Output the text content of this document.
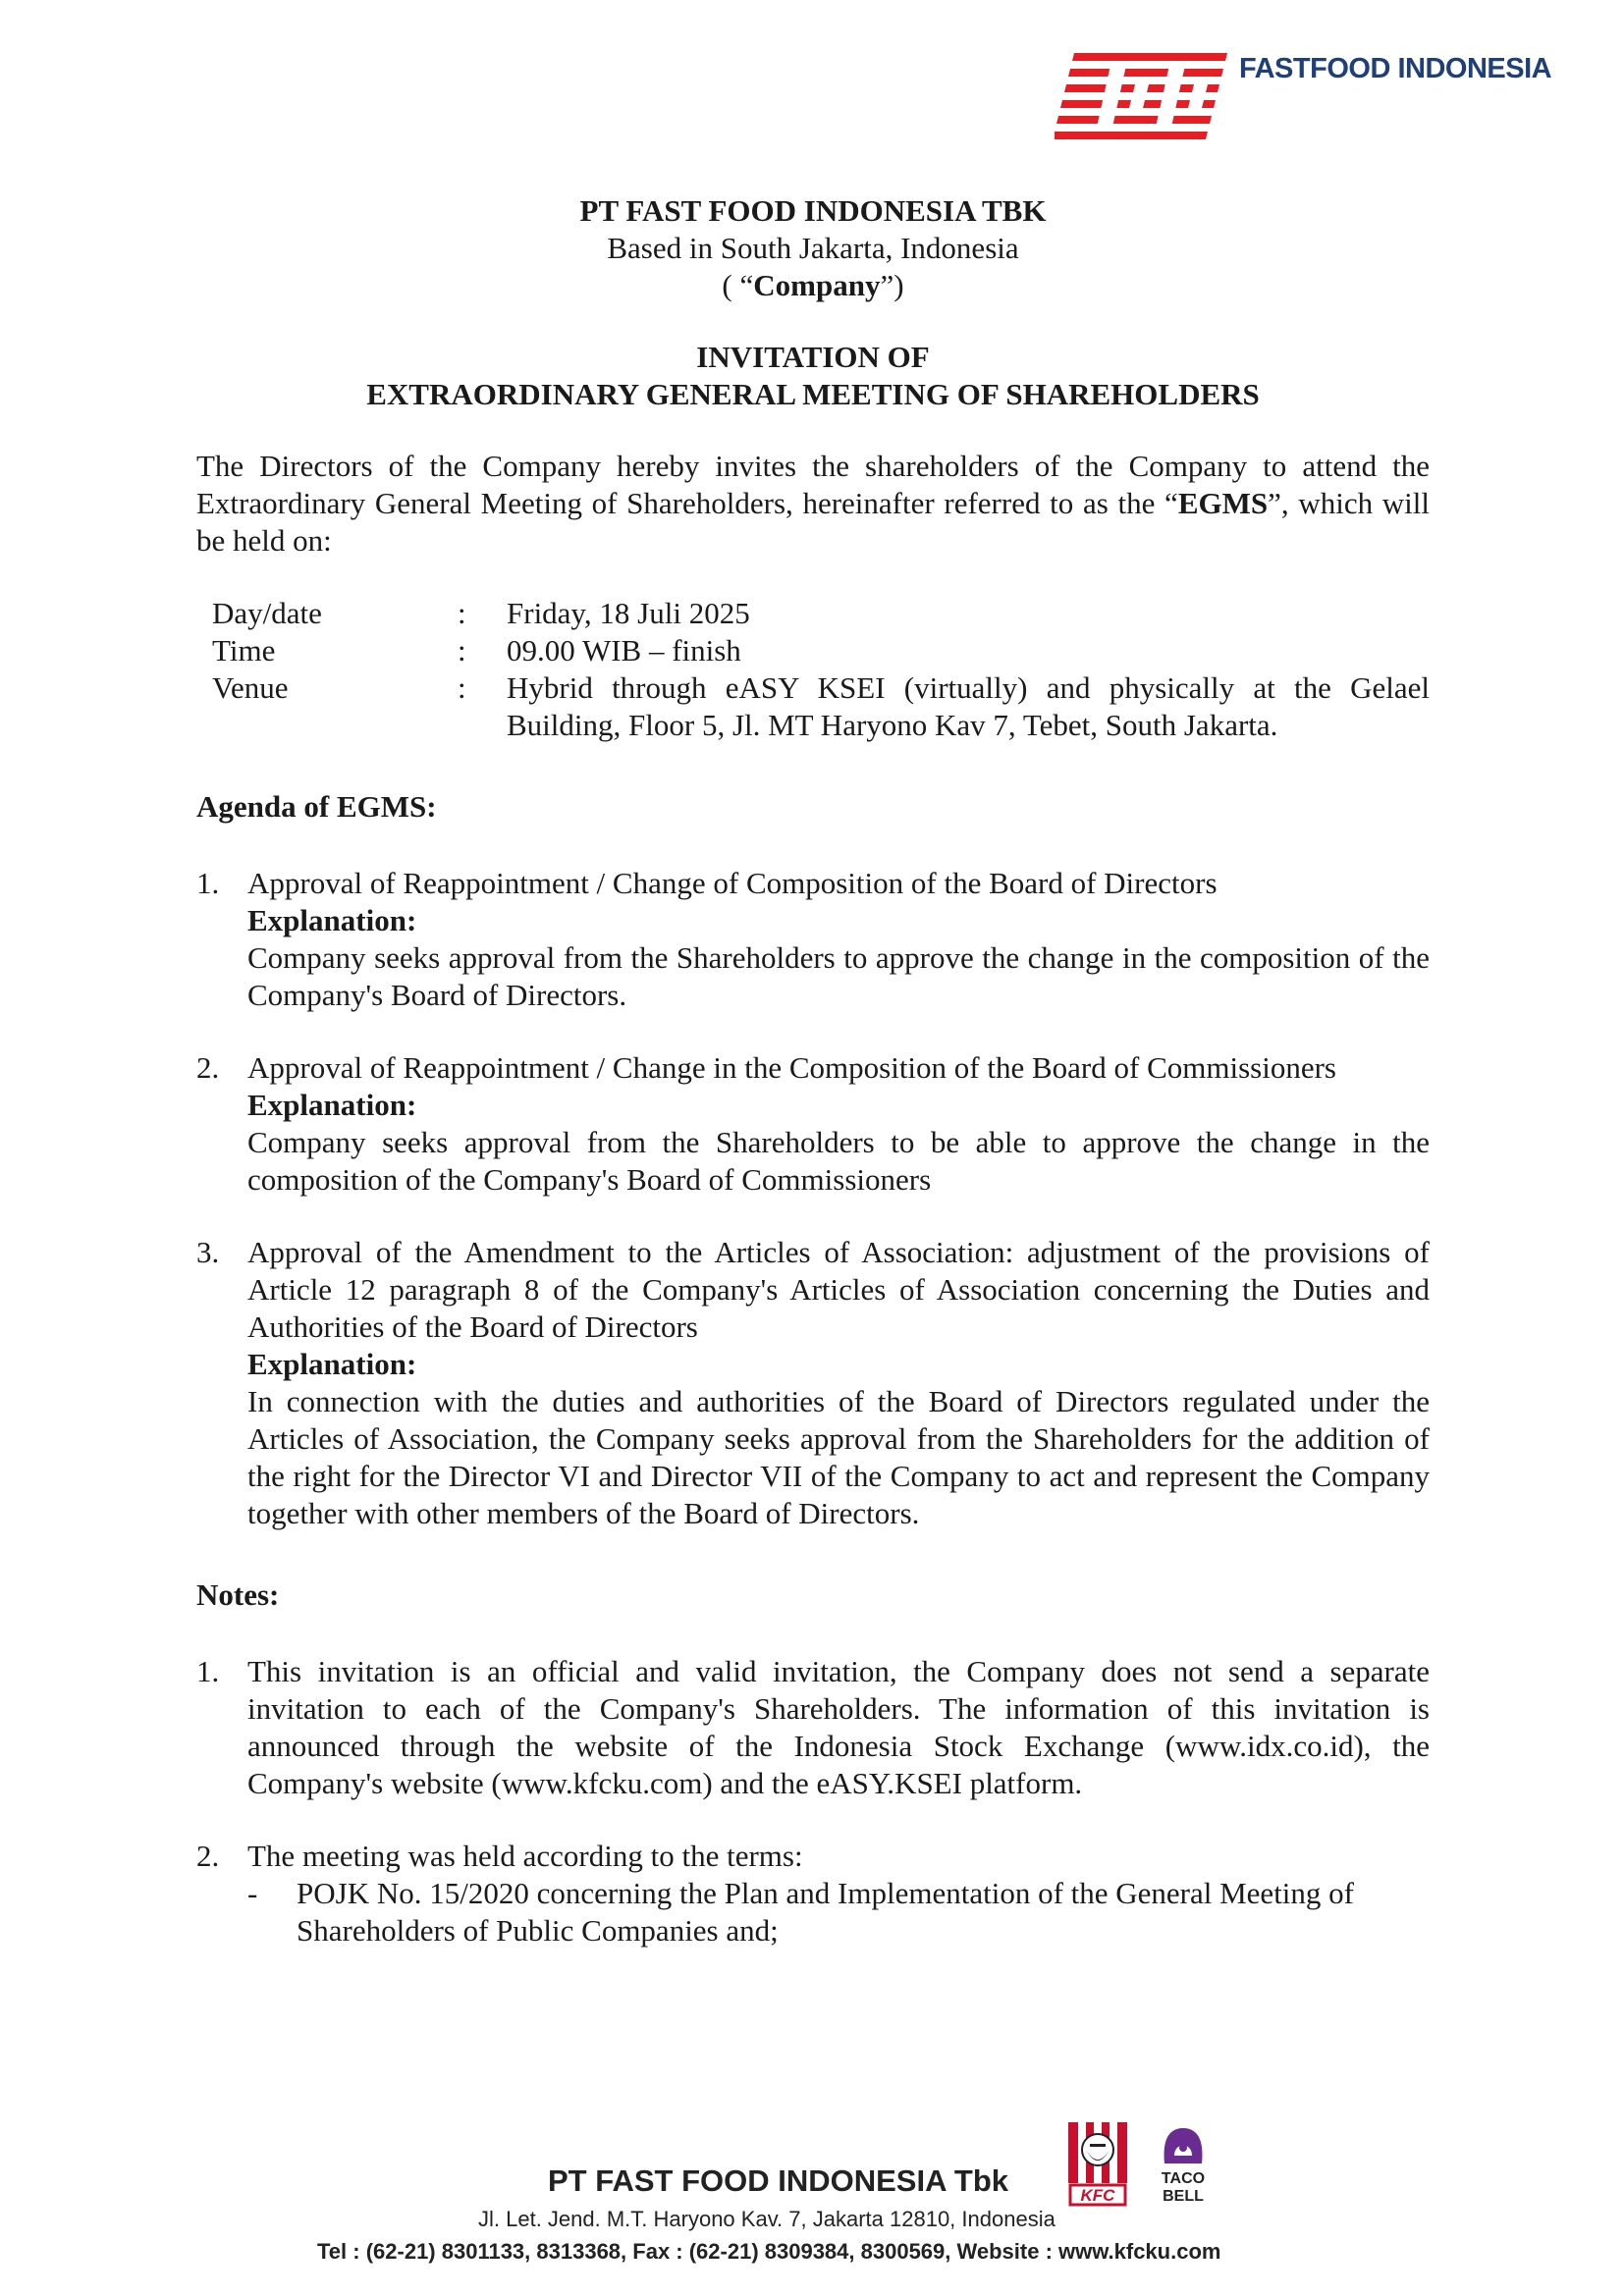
FASTFOOD INDONESIA

PT FAST FOOD INDONESIA TBK

Based in South Jakarta, Indonesia

( “Company”)

INVITATION OF

EXTRAORDINARY GENERAL MEETING OF SHAREHOLDERS

The Directors of the Company hereby invites the shareholders of the Company to attend the Extraordinary General Meeting of Shareholders, hereinafter referred to as the “EGMS”, which will be held on:

Day/date	:	Friday, 18 Juli 2025
Time	:	09.00 WIB – finish
Venue	:	Hybrid through eASY KSEI (virtually) and physically at the Gelael Building, Floor 5, Jl. MT Haryono Kav 7, Tebet, South Jakarta.

Agenda of EGMS:

1. Approval of Reappointment / Change of Composition of the Board of Directors

Explanation:

Company seeks approval from the Shareholders to approve the change in the composition of the Company's Board of Directors.

2. Approval of Reappointment / Change in the Composition of the Board of Commissioners

Explanation:

Company seeks approval from the Shareholders to be able to approve the change in the composition of the Company's Board of Commissioners

3. Approval of the Amendment to the Articles of Association: adjustment of the provisions of Article 12 paragraph 8 of the Company's Articles of Association concerning the Duties and Authorities of the Board of Directors

Explanation:

In connection with the duties and authorities of the Board of Directors regulated under the Articles of Association, the Company seeks approval from the Shareholders for the addition of the right for the Director VI and Director VII of the Company to act and represent the Company together with other members of the Board of Directors.

Notes:

1. This invitation is an official and valid invitation, the Company does not send a separate invitation to each of the Company's Shareholders. The information of this invitation is announced through the website of the Indonesia Stock Exchange (www.idx.co.id), the Company's website (www.kfcku.com) and the eASY.KSEI platform.
2. The meeting was held according to the terms:

-	POJK No. 15/2020 concerning the Plan and Implementation of the General Meeting of Shareholders of Public Companies and;
KFC
TACO
BELL
PT FAST FOOD INDONESIA Tbk
Jl. Let. Jend. M.T. Haryono Kav. 7, Jakarta 12810, Indonesia
Tel : (62-21) 8301133, 8313368, Fax : (62-21) 8309384, 8300569, Website : www.kfcku.com
